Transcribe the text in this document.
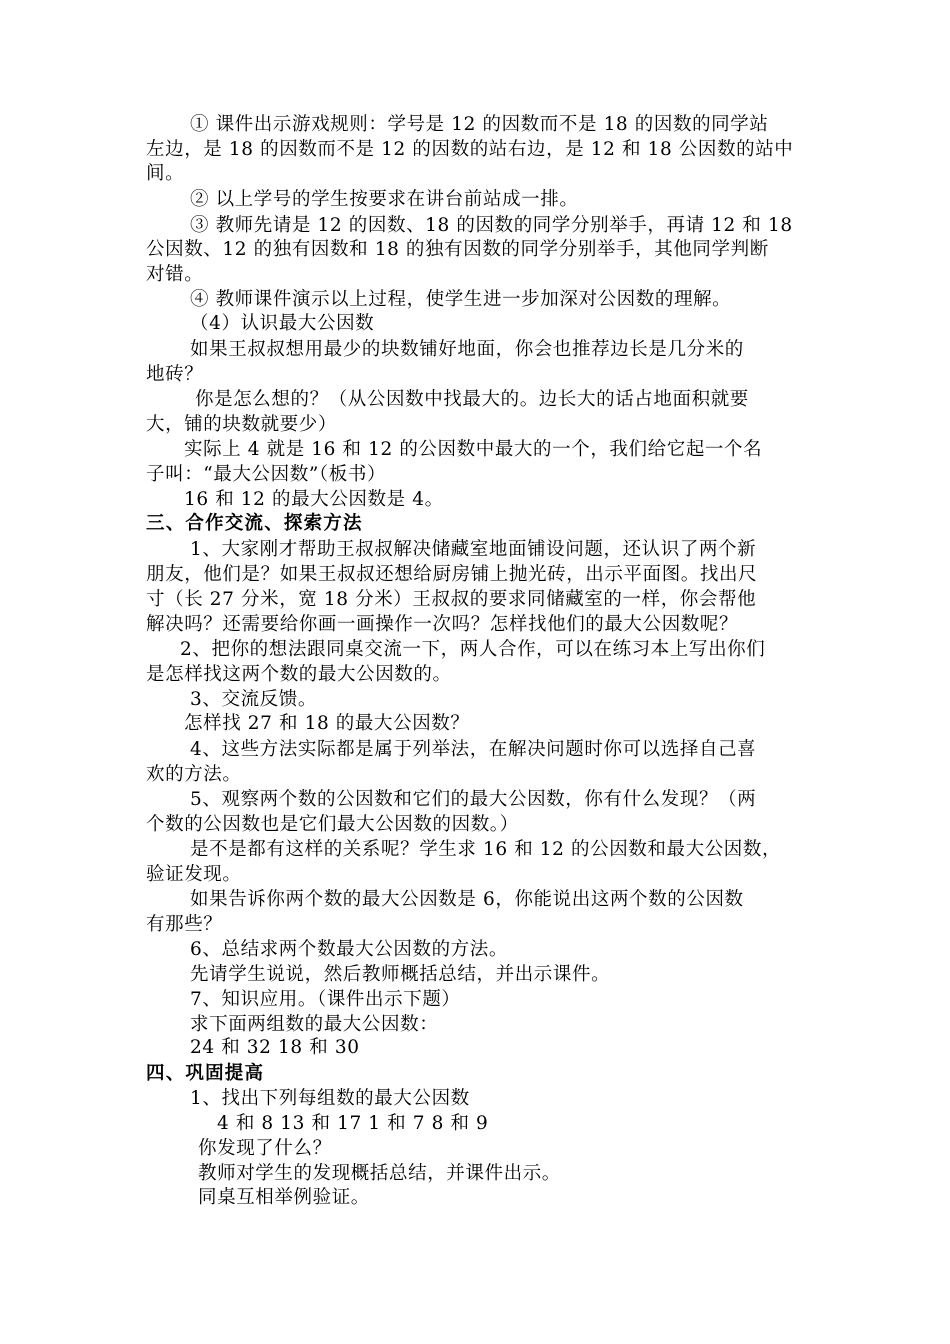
① 课件出示游戏规则：学号是 12 的因数而不是 18 的因数的同学站
左边，是 18 的因数而不是 12 的因数的站右边，是 12 和 18 公因数的站中
间。
② 以上学号的学生按要求在讲台前站成一排。
③ 教师先请是 12 的因数、18 的因数的同学分别举手，再请 12 和 18
公因数、12 的独有因数和 18 的独有因数的同学分别举手，其他同学判断
对错。
④ 教师课件演示以上过程，使学生进一步加深对公因数的理解。
（4）认识最大公因数
如果王叔叔想用最少的块数铺好地面，你会也推荐边长是几分米的
地砖？
你是怎么想的？（从公因数中找最大的。边长大的话占地面积就要
大，铺的块数就要少）
实际上 4 就是 16 和 12 的公因数中最大的一个，我们给它起一个名
子叫：“最大公因数”（板书）
16 和 12 的最大公因数是 4。
三、合作交流、探索方法
1、大家刚才帮助王叔叔解决储藏室地面铺设问题，还认识了两个新
朋友，他们是？如果王叔叔还想给厨房铺上抛光砖，出示平面图。找出尺
寸（长 27 分米，宽 18 分米）王叔叔的要求同储藏室的一样，你会帮他
解决吗？还需要给你画一画操作一次吗？怎样找他们的最大公因数呢？
2、把你的想法跟同桌交流一下，两人合作，可以在练习本上写出你们
是怎样找这两个数的最大公因数的。
3、交流反馈。
怎样找 27 和 18 的最大公因数？
4、这些方法实际都是属于列举法，在解决问题时你可以选择自己喜
欢的方法。
5、观察两个数的公因数和它们的最大公因数，你有什么发现？（两
个数的公因数也是它们最大公因数的因数。）
是不是都有这样的关系呢？学生求 16 和 12 的公因数和最大公因数，
验证发现。
如果告诉你两个数的最大公因数是 6，你能说出这两个数的公因数
有那些？
6、总结求两个数最大公因数的方法。
先请学生说说，然后教师概括总结，并出示课件。
7、知识应用。（课件出示下题）
求下面两组数的最大公因数：
24 和 32 18 和 30
四、巩固提高
1、找出下列每组数的最大公因数
4 和 8 13 和 17 1 和 7 8 和 9
你发现了什么？
教师对学生的发现概括总结，并课件出示。
同桌互相举例验证。
